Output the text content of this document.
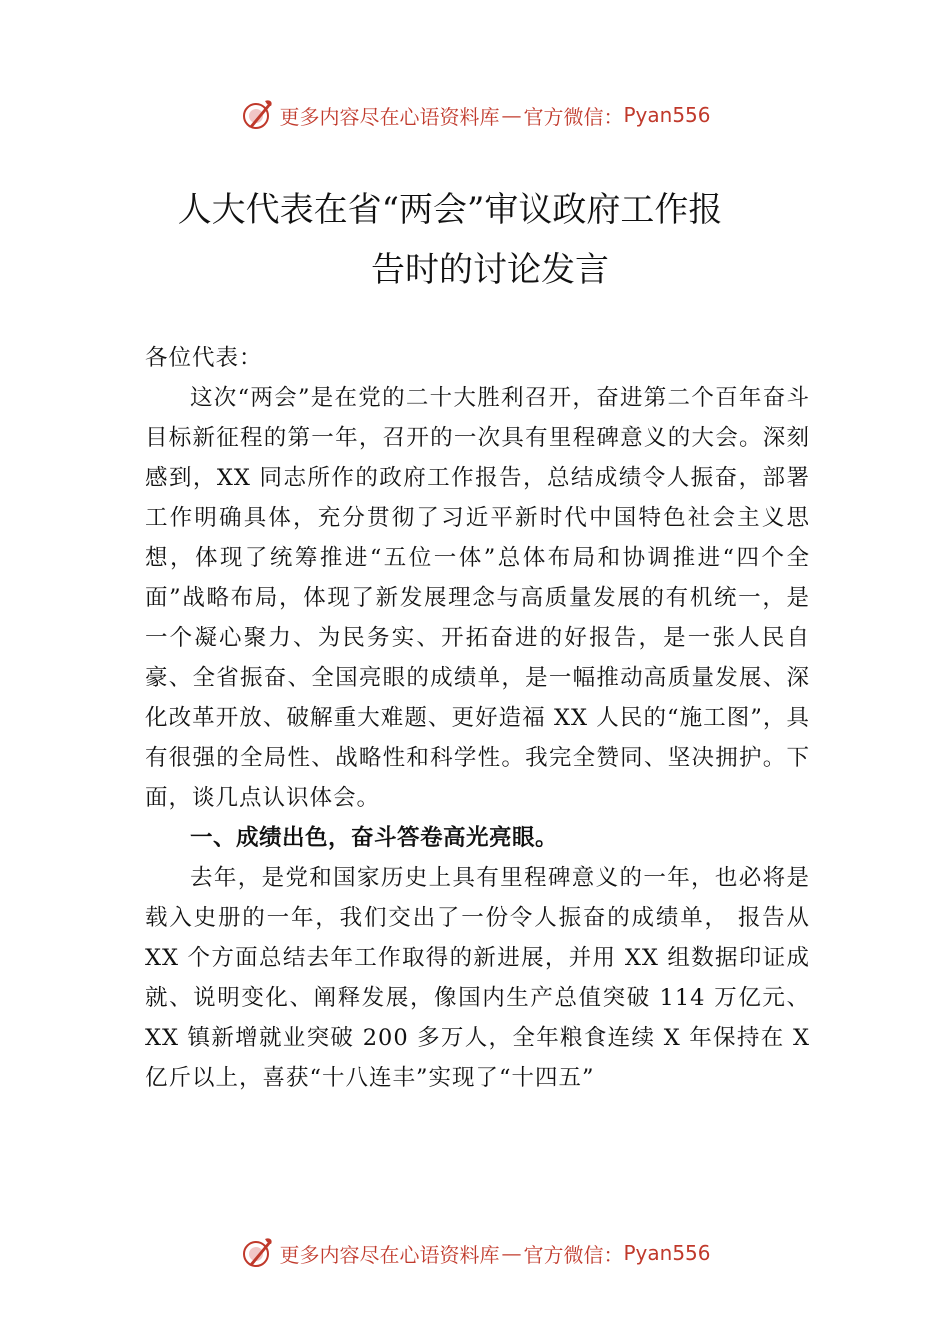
更多内容尽在心语资料库 — 官方微信： Pyan556
人大代表在省“两会”审议政府工作报
告时的讨论发言

各位代表：

这次“两会”是在党的二十大胜利召开，奋进第二个百年奋斗目标新征程的第一年，召开的一次具有里程碑意义的大会。深刻感到，XX 同志所作的政府工作报告，总结成绩令人振奋，部署工作明确具体，充分贯彻了习近平新时代中国特色社会主义思想，体现了统筹推进“五位一体”总体布局和协调推进“四个全面”战略布局，体现了新发展理念与高质量发展的有机统一，是一个凝心聚力、为民务实、开拓奋进的好报告，是一张人民自豪、全省振奋、全国亮眼的成绩单，是一幅推动高质量发展、深化改革开放、破解重大难题、更好造福 XX 人民的“施工图”，具有很强的全局性、战略性和科学性。我完全赞同、坚决拥护。下面，谈几点认识体会。

一、成绩出色，奋斗答卷高光亮眼。

去年，是党和国家历史上具有里程碑意义的一年，也必将是载入史册的一年，我们交出了一份令人振奋的成绩单， 报告从 XX 个方面总结去年工作取得的新进展，并用 XX 组数据印证成就、说明变化、阐释发展，像国内生产总值突破 114 万亿元、XX 镇新增就业突破 200 多万人，全年粮食连续 X 年保持在 X 亿斤以上，喜获“十八连丰”实现了“十四五”

更多内容尽在心语资料库 — 官方微信： Pyan556
